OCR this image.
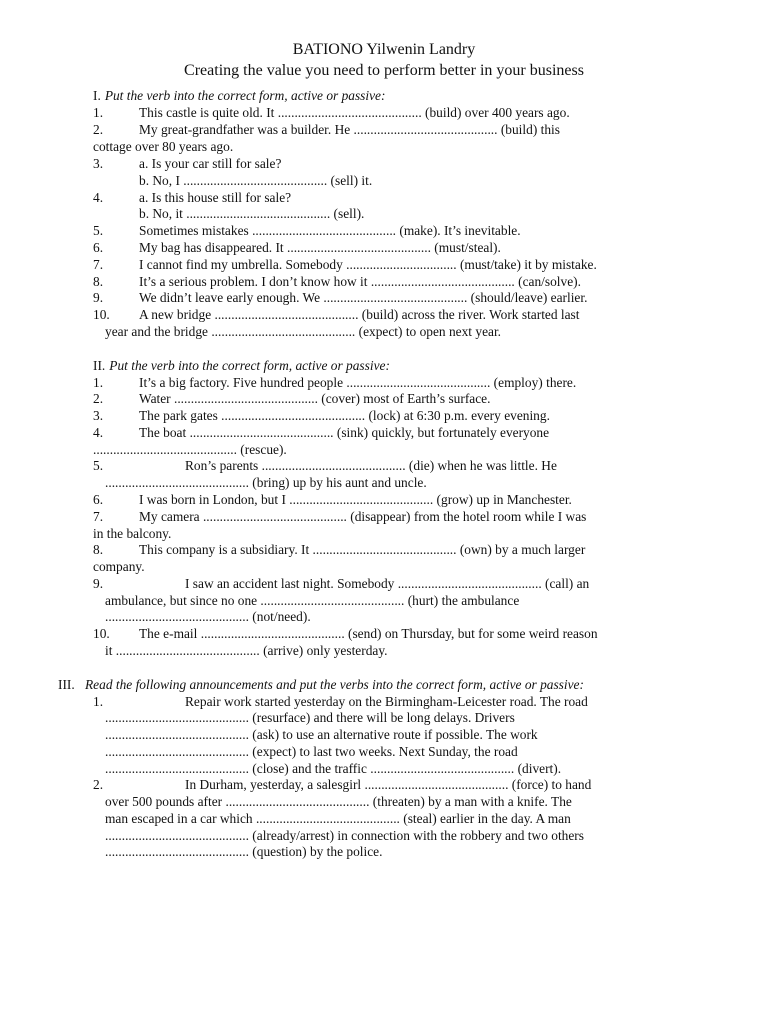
BATIONO Yilwenin Landry
Creating the value you need to perform better in your business
I. Put the verb into the correct form, active or passive:
1.	This castle is quite old. It ........................................... (build) over 400 years ago.
2.	My great-grandfather was a builder. He ........................................... (build) this
cottage over 80 years ago.
3.	a. Is your car still for sale?
b. No, I ........................................... (sell) it.
4.	a. Is this house still for sale?
b. No, it ........................................... (sell).
5.	Sometimes mistakes ........................................... (make). It’s inevitable.
6.	My bag has disappeared. It ........................................... (must/steal).
7.	I cannot find my umbrella. Somebody ................................. (must/take) it by mistake.
8.	It’s a serious problem. I don’t know how it ........................................... (can/solve).
9.	We didn’t leave early enough. We ........................................... (should/leave) earlier.
10. A new bridge ........................................... (build) across the river. Work started last
year and the bridge ........................................... (expect) to open next year.
II. Put the verb into the correct form, active or passive:
1.	It’s a big factory. Five hundred people ........................................... (employ) there.
2.	Water ........................................... (cover) most of Earth’s surface.
3.	The park gates ........................................... (lock) at 6:30 p.m. every evening.
4.	The boat ........................................... (sink) quickly, but fortunately everyone
........................................... (rescue).
5.	Ron’s parents ........................................... (die) when he was little. He
........................................... (bring) up by his aunt and uncle.
6.	I was born in London, but I ........................................... (grow) up in Manchester.
7.	My camera ........................................... (disappear) from the hotel room while I was
in the balcony.
8.	This company is a subsidiary. It ........................................... (own) by a much larger
company.
9.	I saw an accident last night. Somebody ........................................... (call) an
ambulance, but since no one ........................................... (hurt) the ambulance
........................................... (not/need).
10. The e-mail ........................................... (send) on Thursday, but for some weird reason
it ........................................... (arrive) only yesterday.
III. Read the following announcements and put the verbs into the correct form, active or passive:
1.	Repair work started yesterday on the Birmingham-Leicester road. The road
........................................... (resurface) and there will be long delays. Drivers
........................................... (ask) to use an alternative route if possible. The work
........................................... (expect) to last two weeks. Next Sunday, the road
........................................... (close) and the traffic ........................................... (divert).
2.	In Durham, yesterday, a salesgirl ........................................... (force) to hand
over 500 pounds after ........................................... (threaten) by a man with a knife. The
man escaped in a car which ........................................... (steal) earlier in the day. A man
........................................... (already/arrest) in connection with the robbery and two others
........................................... (question) by the police.
